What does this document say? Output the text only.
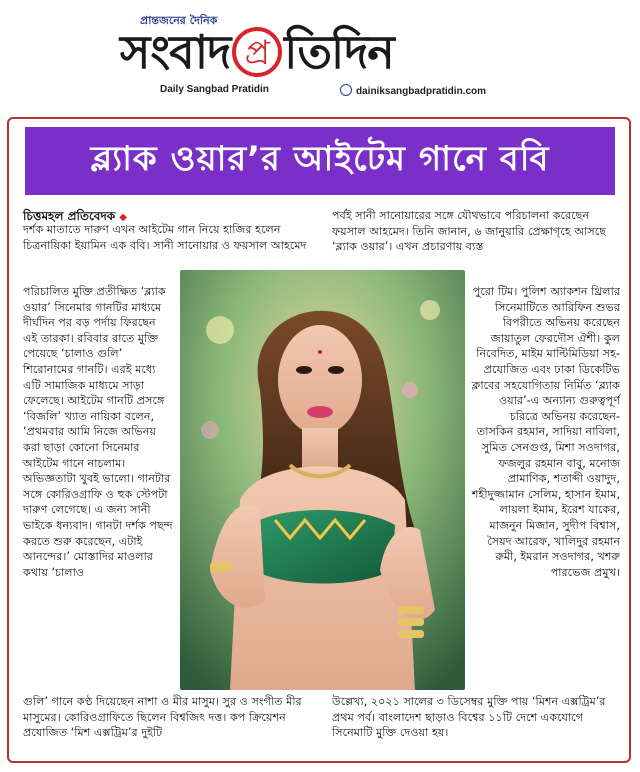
প্রান্তজনের দৈনিক
সংবাদ প্র তিদিন
Daily Sangbad Pratidin	dainiksangbadpratidin.com
ব্ল্যাক ওয়ার’র আইটেম গানে ববি
চিত্তমহল প্রতিবেদক ◆

দর্শক মাতাতে দারুণ এখন আইটেম গান নিয়ে হাজির হলেন চিত্রনায়িকা ইয়ামিন এক ববি। সানী সানোয়ার ও ফয়সাল আহমেদ

পরিচালিত মুক্তি প্রতীক্ষিত ‘ব্ল্যাক ওয়ার’ সিনেমার গানটির মাধ্যমে দীর্ঘদিন পর বড় পর্দায় ফিরছেন এই তারকা। রবিবার রাতে মুক্তি পেয়েছে ‘চালাও গুলি’ শিরোনামের গানটি। এরই মধ্যে এটি সামাজিক মাধ্যমে সাড়া ফেলেছে। আইটেম গানটি প্রসঙ্গে ‘বিজলি’ খ্যাত নায়িকা বলেন, ‘প্রথমবার আমি নিজে অভিনয় করা ছাড়া কোনো সিনেমার আইটেম গানে নাচলাম। অভিজ্ঞতাটা খুবই ভালো। গানটার সঙ্গে কোরিওগ্রাফি ও হুক স্টেপটা দারুণ লেগেছে। এ জন্য সানী ভাইকে ধন্যবাদ। গানটা দর্শক পছন্দ করতে শুরু করেছেন, এটাই আনন্দের।’ মোস্তাদির মাওলার কথায় ‘চালাও

পর্বই সানী সানোয়ারের সঙ্গে যৌথভাবে পরিচালনা করেছেন ফয়সাল আহমেদ। তিনি জানান, ৬ জানুয়ারি প্রেক্ষাগৃহে আসছে ‘ব্ল্যাক ওয়ার’। এখন প্রচারণায় ব্যস্ত

পুরো টিম। পুলিশ অ্যাকশন থ্রিলার সিনেমাটিতে আরিফিন শুভর বিপরীতে অভিনয় করেছেন জায়াতুল ফেরদৌস ঐশী। কুল নিবেদিত, মাইম মাল্টিমিডিয়া সহ-প্রযোজিত এবং ঢাকা ডিকেটিভ ক্লাবের সহযোগিতায় নির্মিত ‘ব্ল্যাক ওয়ার’-এ অন্যান্য গুরুত্বপূর্ণ চরিত্রে অভিনয় করেছেন- তাসকিন রহমান, সাদিয়া নাবিলা, সুমিত সেনগুপ্ত, মিশা সওদাগর, ফজলুর রহমান বাবু, মনোজ প্রামাণিক, শতাব্দী ওয়াদুদ, শহীদুজ্জামান সেলিম, হাসান ইমাম, লায়লা ইমাম, ইরেশ যাকের, মাজনুন মিজান, সুদীপ বিশ্বাস, সৈয়দ আরেফ, খালিদুর রহমান রুমী, ইমরান সওদাগর, খশরু পারভেজ প্রমুখ।

গুলি’ গানে কণ্ঠ দিয়েছেন নাশা ও মীর মাসুম। সুর ও সংগীত মীর মাসুমের। কোরিওগ্রাফিতে ছিলেন বিশ্বজিৎ দত্ত। কপ ক্রিয়েশন প্রযোজিত ‘মিশ এক্সট্রিম’র দুইটি

উল্লেখ্য, ২০২১ সালের ৩ ডিসেম্বর মুক্তি পায় ‘মিশন এক্সট্রিম’র প্রথম পর্ব। বাংলাদেশ ছাড়াও বিশ্বের ১১টি দেশে একযোগে সিনেমাটি মুক্তি দেওয়া হয়।
